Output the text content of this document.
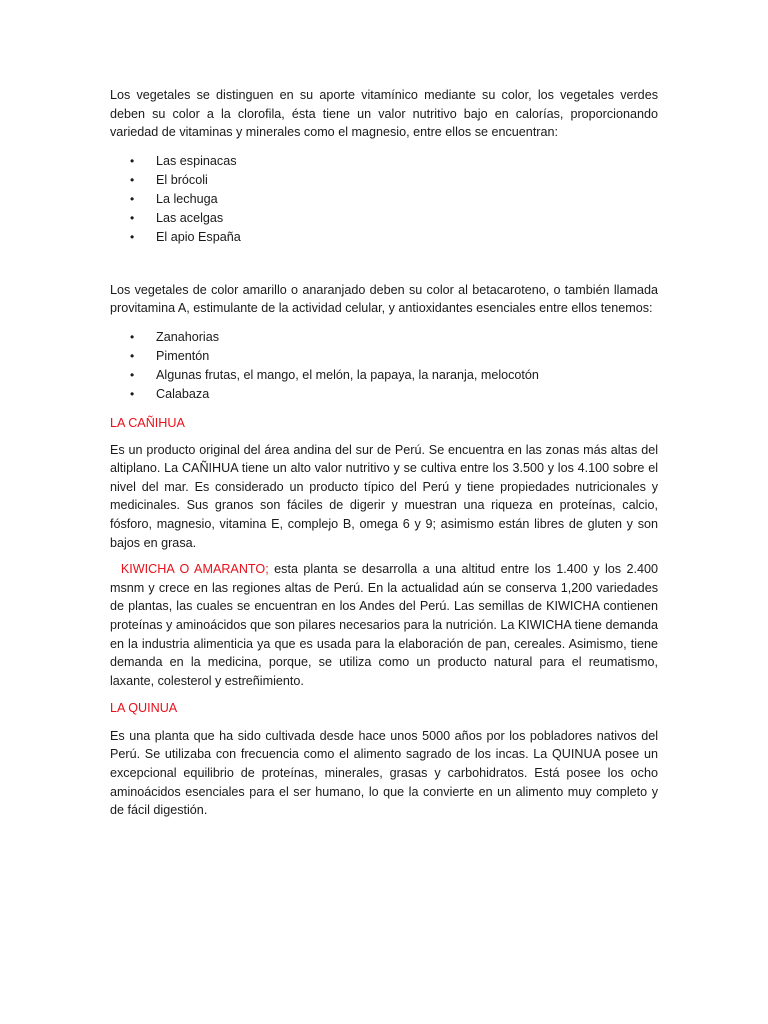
Los vegetales se distinguen en su aporte vitamínico mediante su color, los vegetales verdes deben su color a la clorofila, ésta tiene un valor nutritivo bajo en calorías, proporcionando variedad de vitaminas y minerales como el magnesio, entre ellos se encuentran:

• Las espinacas
• El brócoli
• La lechuga
• Las acelgas
• El apio España

Los vegetales de color amarillo o anaranjado deben su color al betacaroteno, o también llamada provitamina A, estimulante de la actividad celular, y antioxidantes esenciales entre ellos tenemos:

• Zanahorias
• Pimentón
• Algunas frutas, el mango, el melón, la papaya, la naranja, melocotón
• Calabaza
LA CAÑIHUA

Es un producto original del área andina del sur de Perú. Se encuentra en las zonas más altas del altiplano. La CAÑIHUA tiene un alto valor nutritivo y se cultiva entre los 3.500 y los 4.100 sobre el nivel del mar. Es considerado un producto típico del Perú y tiene propiedades nutricionales y medicinales. Sus granos son fáciles de digerir y muestran una riqueza en proteínas, calcio, fósforo, magnesio, vitamina E, complejo B, omega 6 y 9; asimismo están libres de gluten y son bajos en grasa.

KIWICHA O AMARANTO; esta planta se desarrolla a una altitud entre los 1.400 y los 2.400 msnm y crece en las regiones altas de Perú. En la actualidad aún se conserva 1,200 variedades de plantas, las cuales se encuentran en los Andes del Perú. Las semillas de KIWICHA contienen proteínas y aminoácidos que son pilares necesarios para la nutrición. La KIWICHA tiene demanda en la industria alimenticia ya que es usada para la elaboración de pan, cereales. Asimismo, tiene demanda en la medicina, porque, se utiliza como un producto natural para el reumatismo, laxante, colesterol y estreñimiento.

LA QUINUA

Es una planta que ha sido cultivada desde hace unos 5000 años por los pobladores nativos del Perú. Se utilizaba con frecuencia como el alimento sagrado de los incas. La QUINUA posee un excepcional equilibrio de proteínas, minerales, grasas y carbohidratos. Está posee los ocho aminoácidos esenciales para el ser humano, lo que la convierte en un alimento muy completo y de fácil digestión.
